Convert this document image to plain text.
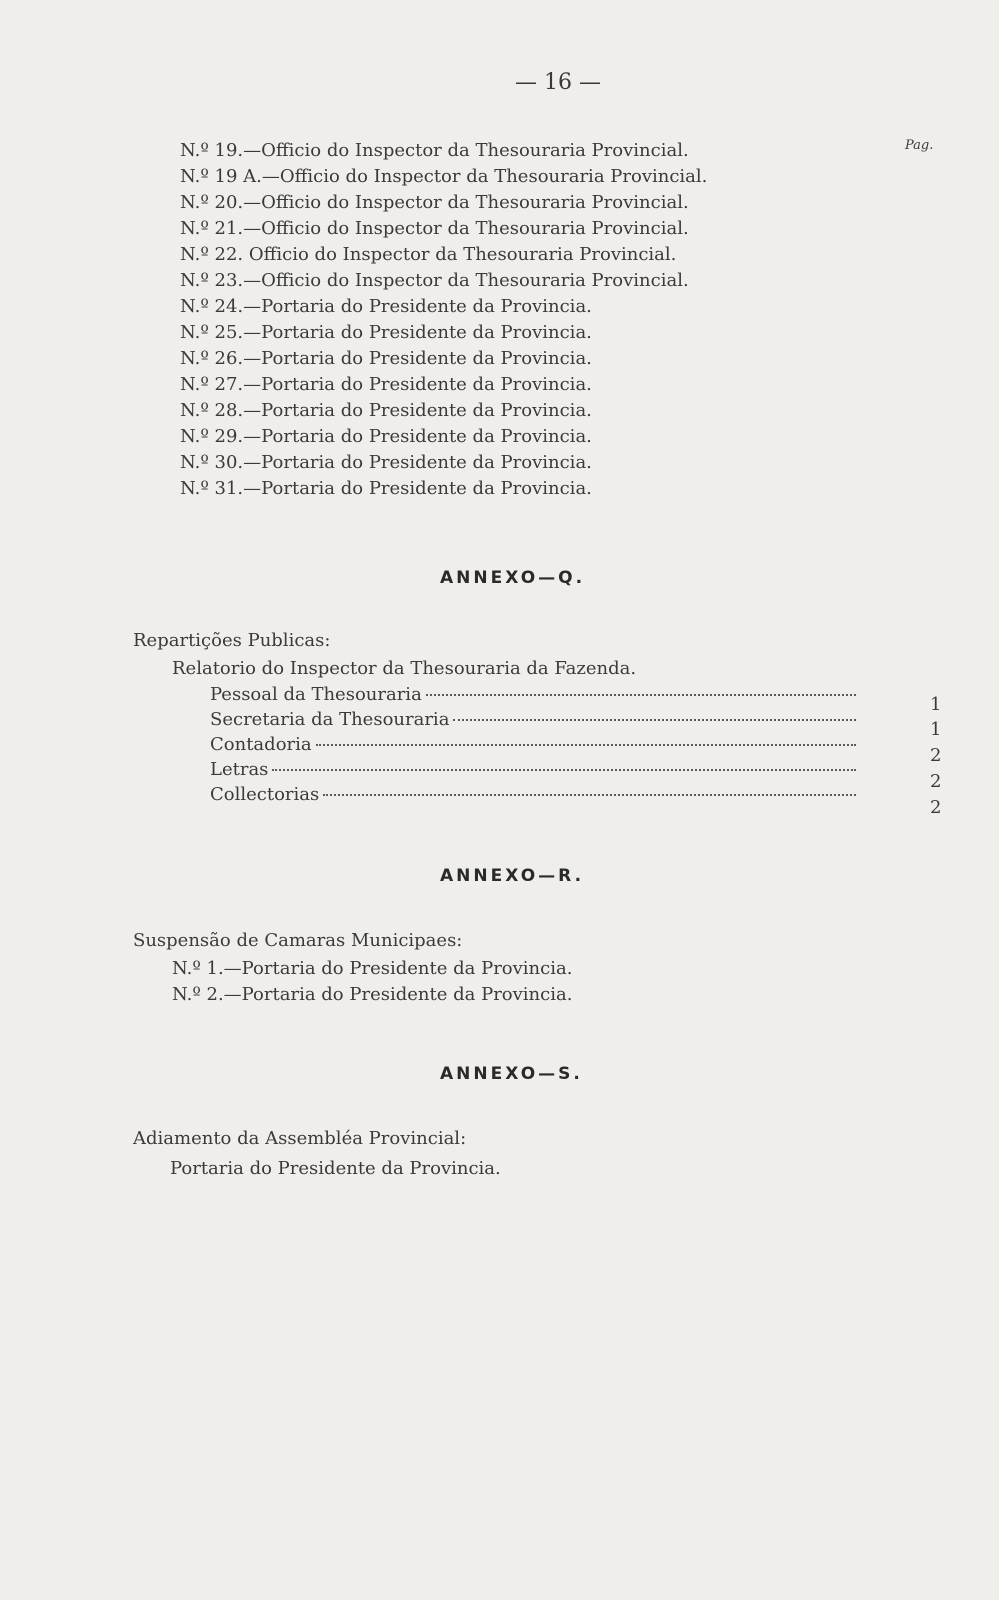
— 16 —
Pag.
N.º 19.—Officio do Inspector da Thesouraria Provincial.
N.º 19 A.—Officio do Inspector da Thesouraria Provincial.
N.º 20.—Officio do Inspector da Thesouraria Provincial.
N.º 21.—Officio do Inspector da Thesouraria Provincial.
N.º 22. Officio do Inspector da Thesouraria Provincial.
N.º 23.—Officio do Inspector da Thesouraria Provincial.
N.º 24.—Portaria do Presidente da Provincia.
N.º 25.—Portaria do Presidente da Provincia.
N.º 26.—Portaria do Presidente da Provincia.
N.º 27.—Portaria do Presidente da Provincia.
N.º 28.—Portaria do Presidente da Provincia.
N.º 29.—Portaria do Presidente da Provincia.
N.º 30.—Portaria do Presidente da Provincia.
N.º 31.—Portaria do Presidente da Provincia.
ANNEXO—Q.
Repartições Publicas:
Relatorio do Inspector da Thesouraria da Fazenda.
Pessoal da Thesouraria	1
Secretaria da Thesouraria	1
Contadoria
2
Letras
2
Collectorias
2
ANNEXO—R.
Suspensão de Camaras Municipaes:
N.º 1.—Portaria do Presidente da Provincia.
N.º 2.—Portaria do Presidente da Provincia.
ANNEXO—S.
Adiamento da Assembléa Provincial:
Portaria do Presidente da Provincia.
